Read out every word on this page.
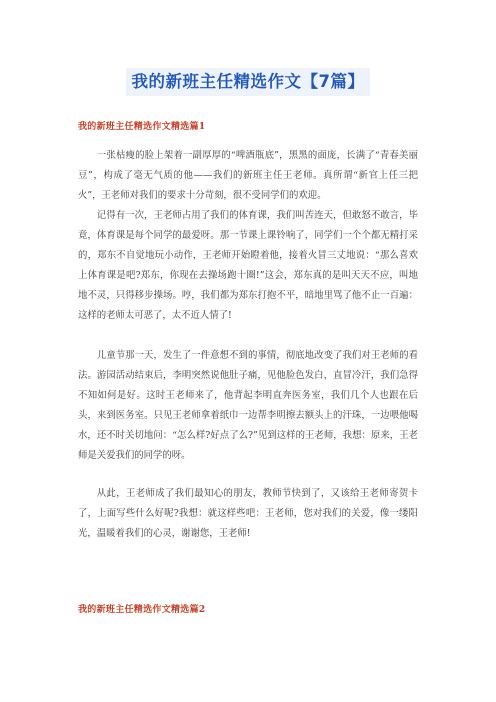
我的新班主任精选作文【7篇】
我的新班主任精选作文精选篇1

一张枯瘦的脸上架着一副厚厚的“啤酒瓶底”，黑黑的面庞，长满了“青春美丽豆”，构成了毫无气质的他——我们的新班主任王老师。真所谓“新官上任三把火”，王老师对我们的要求十分苛刻，很不受同学们的欢迎。

记得有一次，王老师占用了我们的体育课，我们叫苦连天，但敢怒不敢言，毕竟，体育课是每个同学的最爱呀。那一节课上课铃响了，同学们一个个都无精打采的，郑东不自觉地玩小动作，王老师开始瞪着他，接着火冒三丈地说：“那么喜欢上体育课是吧?郑东，你现在去操场跑十圈!”这会，郑东真的是叫天天不应，叫地地不灵，只得移步操场。哼，我们都为郑东打抱不平，暗地里骂了他不止一百遍：这样的老师太可恶了，太不近人情了!

儿童节那一天，发生了一件意想不到的事情，彻底地改变了我们对王老师的看法。游园活动结束后，李明突然说他肚子痛，见他脸色发白，直冒冷汗，我们急得不知如何是好。这时王老师来了，他背起李明直奔医务室，我们几个人也跟在后头，来到医务室。只见王老师拿着纸巾一边帮李明擦去额头上的汗珠，一边喂他喝水，还不时关切地问：“怎么样?好点了么?”见到这样的王老师，我想：原来，王老师是关爱我们的同学的呀。

从此，王老师成了我们最知心的朋友，教师节快到了，又该给王老师寄贺卡了，上面写些什么好呢?我想：就这样些吧：王老师，您对我们的关爱，像一缕阳光，温暖着我们的心灵，谢谢您，王老师!

我的新班主任精选作文精选篇2
